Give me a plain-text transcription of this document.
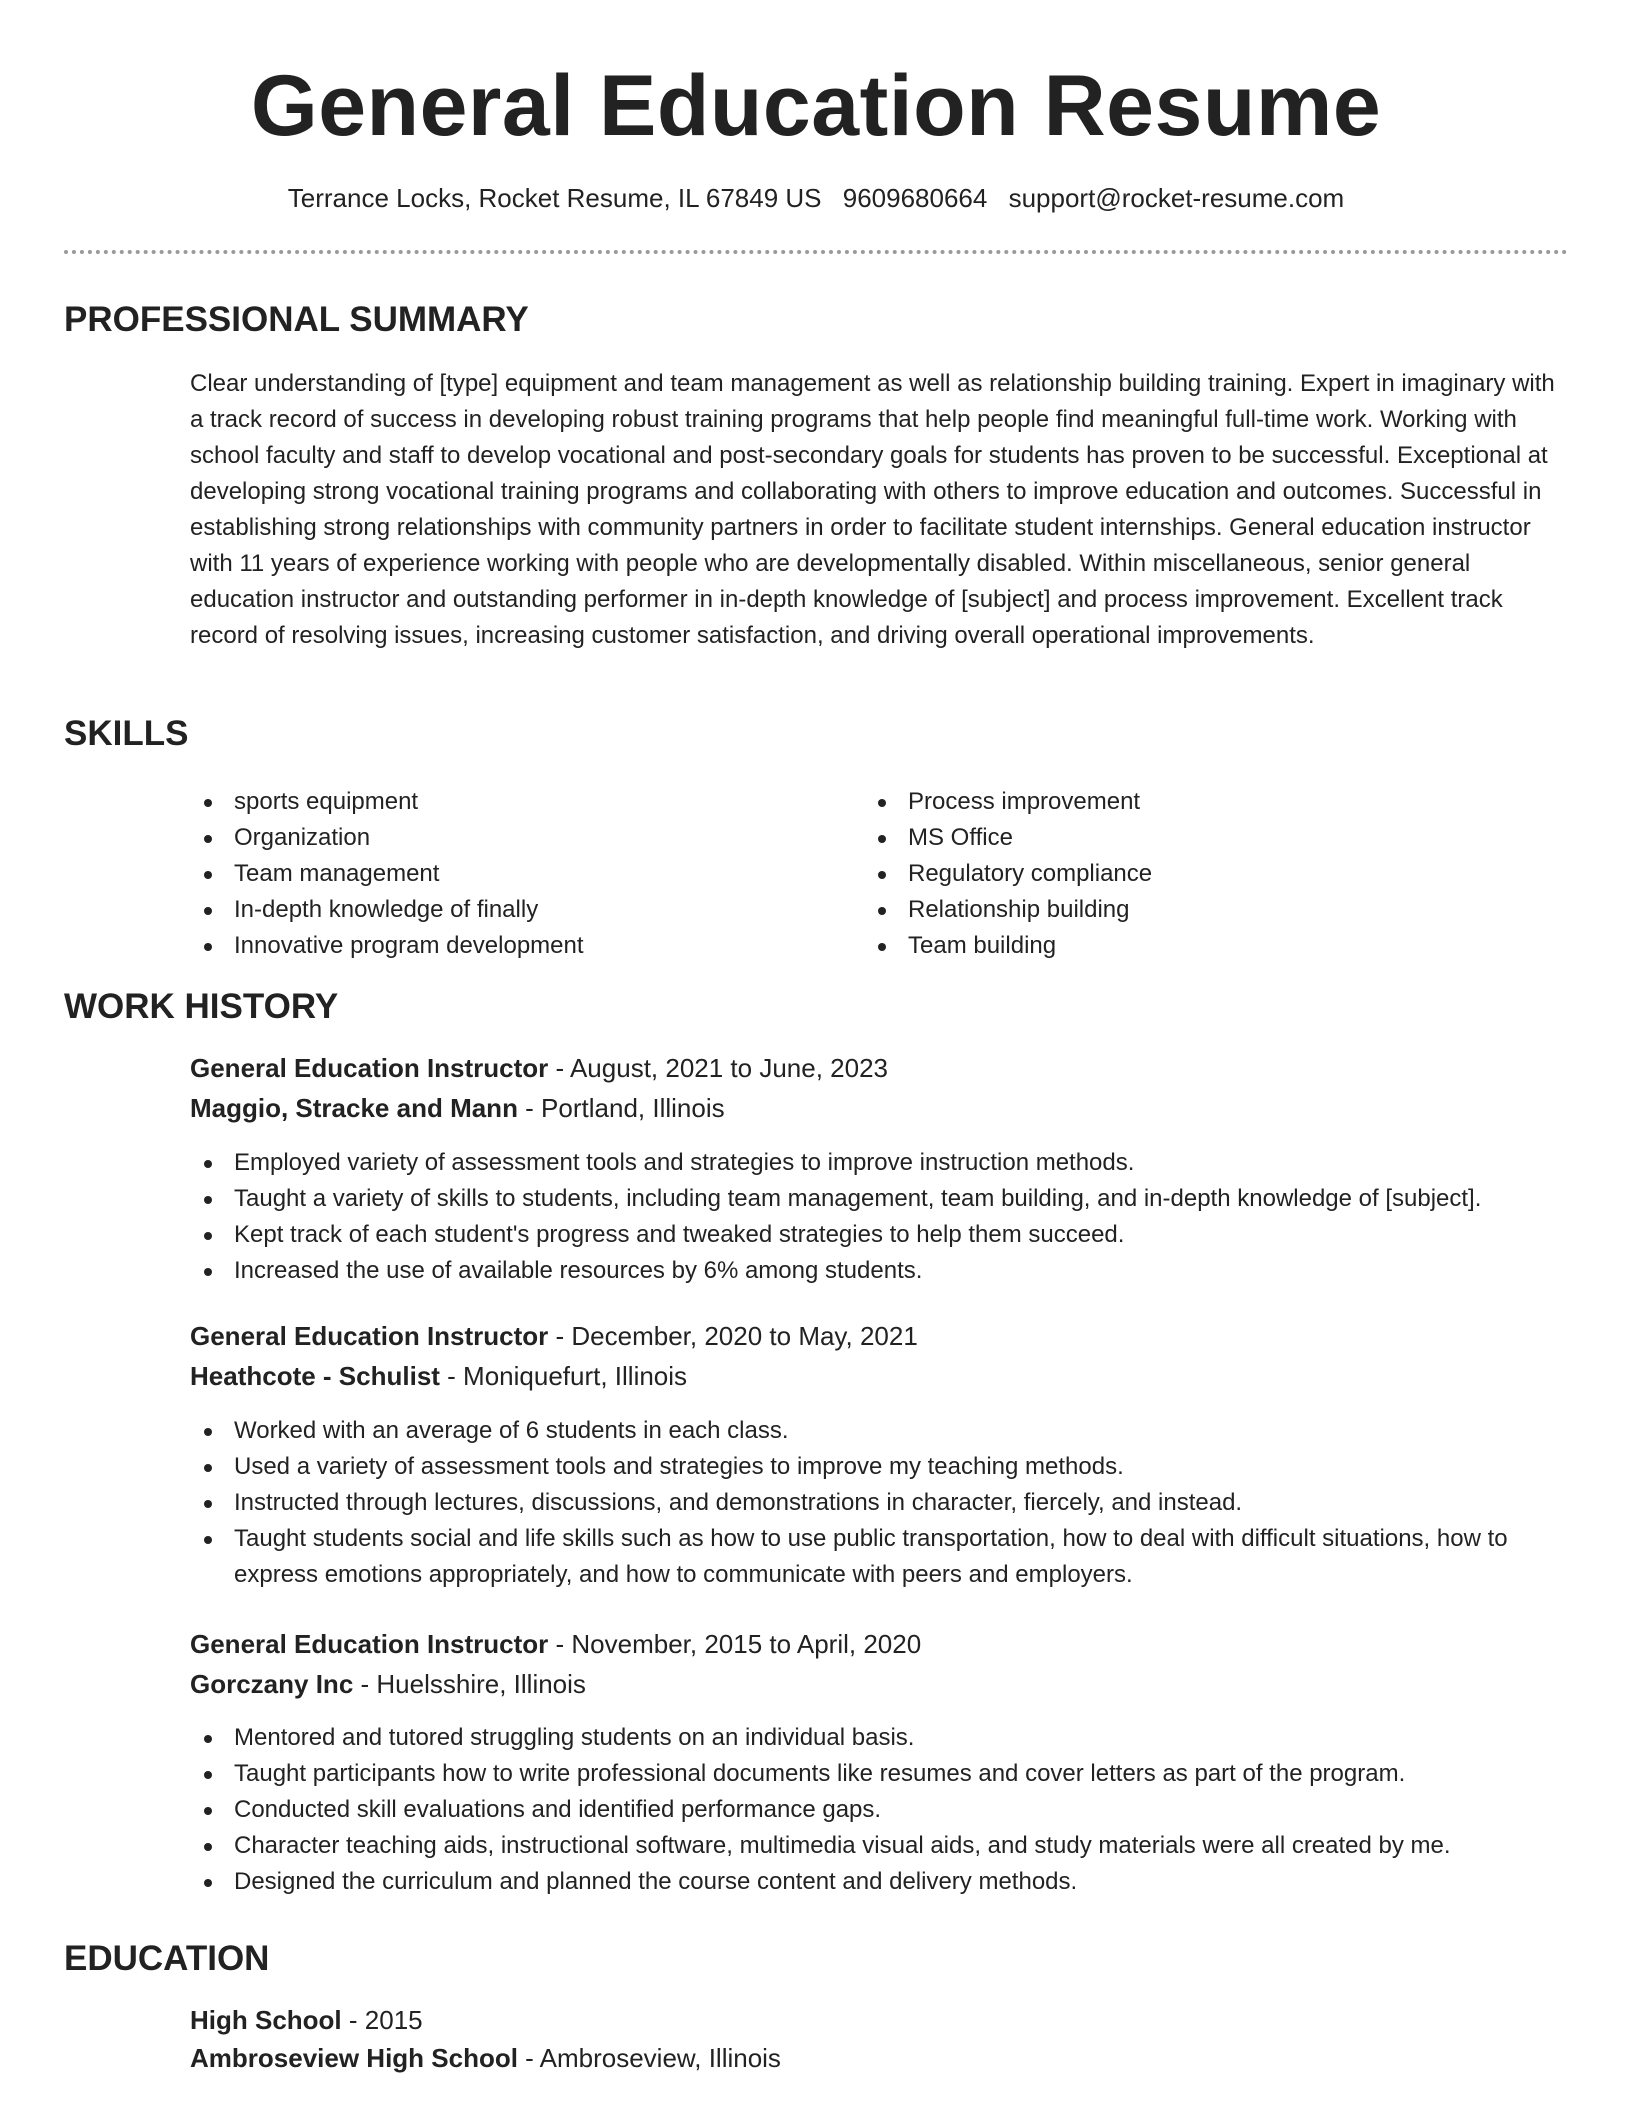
General Education Resume
Terrance Locks, Rocket Resume, IL 67849 US 9609680664 support@rocket-resume.com
PROFESSIONAL SUMMARY

Clear understanding of [type] equipment and team management as well as relationship building training. Expert in imaginary with a track record of success in developing robust training programs that help people find meaningful full-time work. Working with school faculty and staff to develop vocational and post-secondary goals for students has proven to be successful. Exceptional at developing strong vocational training programs and collaborating with others to improve education and outcomes. Successful in establishing strong relationships with community partners in order to facilitate student internships. General education instructor with 11 years of experience working with people who are developmentally disabled. Within miscellaneous, senior general education instructor and outstanding performer in in-depth knowledge of [subject] and process improvement. Excellent track record of resolving issues, increasing customer satisfaction, and driving overall operational improvements.

SKILLS
sports equipment
Organization
Team management
In-depth knowledge of finally
Innovative program development
Process improvement
MS Office
Regulatory compliance
Relationship building
Team building
WORK HISTORY
General Education Instructor - August, 2021 to June, 2023
Maggio, Stracke and Mann - Portland, Illinois
Employed variety of assessment tools and strategies to improve instruction methods.
Taught a variety of skills to students, including team management, team building, and in-depth knowledge of [subject].
Kept track of each student's progress and tweaked strategies to help them succeed.
Increased the use of available resources by 6% among students.
General Education Instructor - December, 2020 to May, 2021
Heathcote - Schulist - Moniquefurt, Illinois
Worked with an average of 6 students in each class.
Used a variety of assessment tools and strategies to improve my teaching methods.
Instructed through lectures, discussions, and demonstrations in character, fiercely, and instead.
Taught students social and life skills such as how to use public transportation, how to deal with difficult situations, how to express emotions appropriately, and how to communicate with peers and employers.
General Education Instructor - November, 2015 to April, 2020
Gorczany Inc - Huelsshire, Illinois
Mentored and tutored struggling students on an individual basis.
Taught participants how to write professional documents like resumes and cover letters as part of the program.
Conducted skill evaluations and identified performance gaps.
Character teaching aids, instructional software, multimedia visual aids, and study materials were all created by me.
Designed the curriculum and planned the course content and delivery methods.
EDUCATION
High School - 2015
Ambroseview High School - Ambroseview, Illinois
